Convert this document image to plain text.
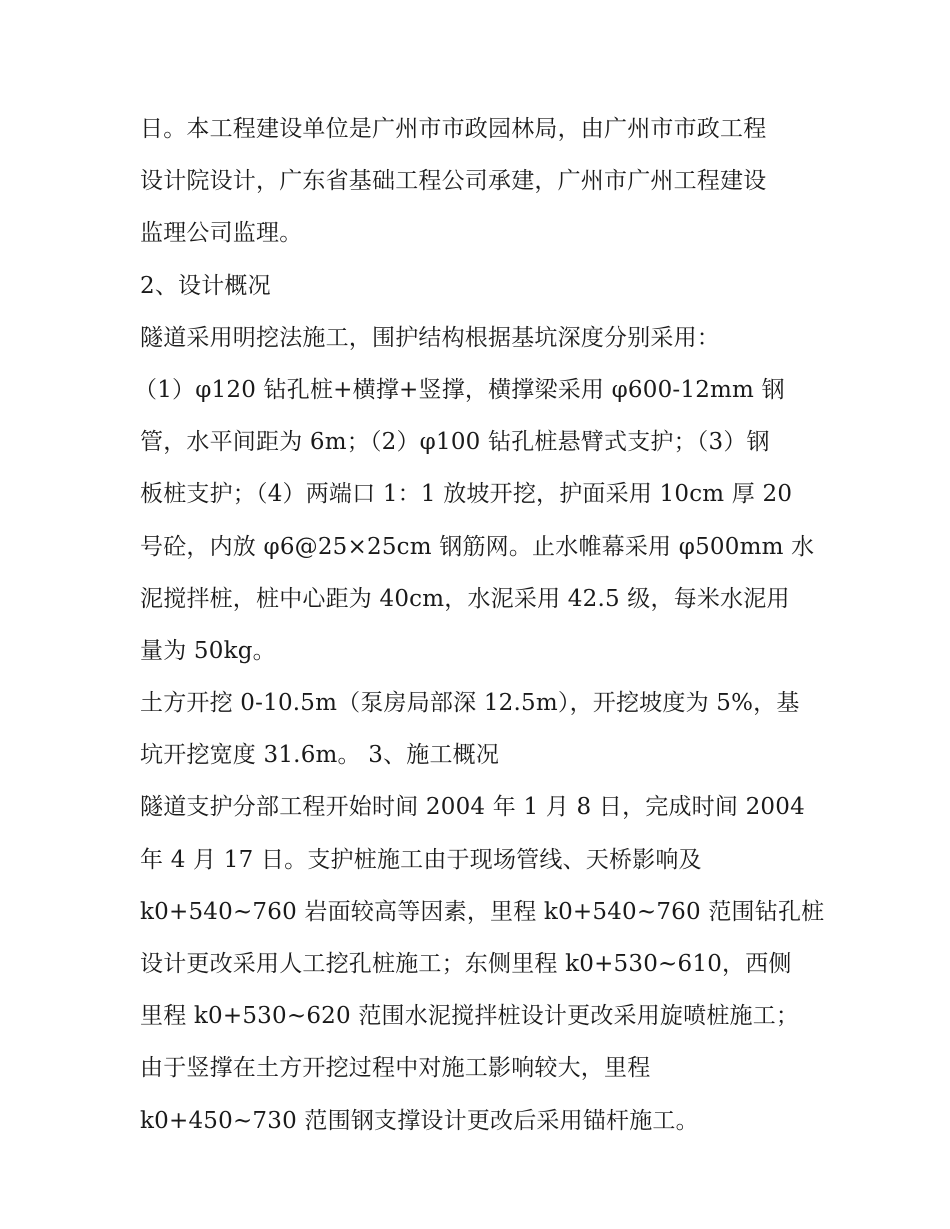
日。本工程建设单位是广州市市政园林局，由广州市市政工程
设计院设计，广东省基础工程公司承建，广州市广州工程建设
监理公司监理。
2、设计概况
隧道采用明挖法施工，围护结构根据基坑深度分别采用：
（1）φ120 钻孔桩+横撑+竖撑，横撑梁采用 φ600-12mm 钢
管，水平间距为 6m；（2）φ100 钻孔桩悬臂式支护；（3）钢
板桩支护；（4）两端口 1：1 放坡开挖，护面采用 10cm 厚 20
号砼，内放 φ6@25×25cm 钢筋网。止水帷幕采用 φ500mm 水
泥搅拌桩，桩中心距为 40cm，水泥采用 42.5 级，每米水泥用
量为 50kg。
土方开挖 0-10.5m（泵房局部深 12.5m），开挖坡度为 5%，基
坑开挖宽度 31.6m。 3、施工概况
隧道支护分部工程开始时间 2004 年 1 月 8 日，完成时间 2004
年 4 月 17 日。支护桩施工由于现场管线、天桥影响及
k0+540~760 岩面较高等因素，里程 k0+540~760 范围钻孔桩
设计更改采用人工挖孔桩施工；东侧里程 k0+530~610，西侧
里程 k0+530~620 范围水泥搅拌桩设计更改采用旋喷桩施工；
由于竖撑在土方开挖过程中对施工影响较大，里程
k0+450~730 范围钢支撑设计更改后采用锚杆施工。
